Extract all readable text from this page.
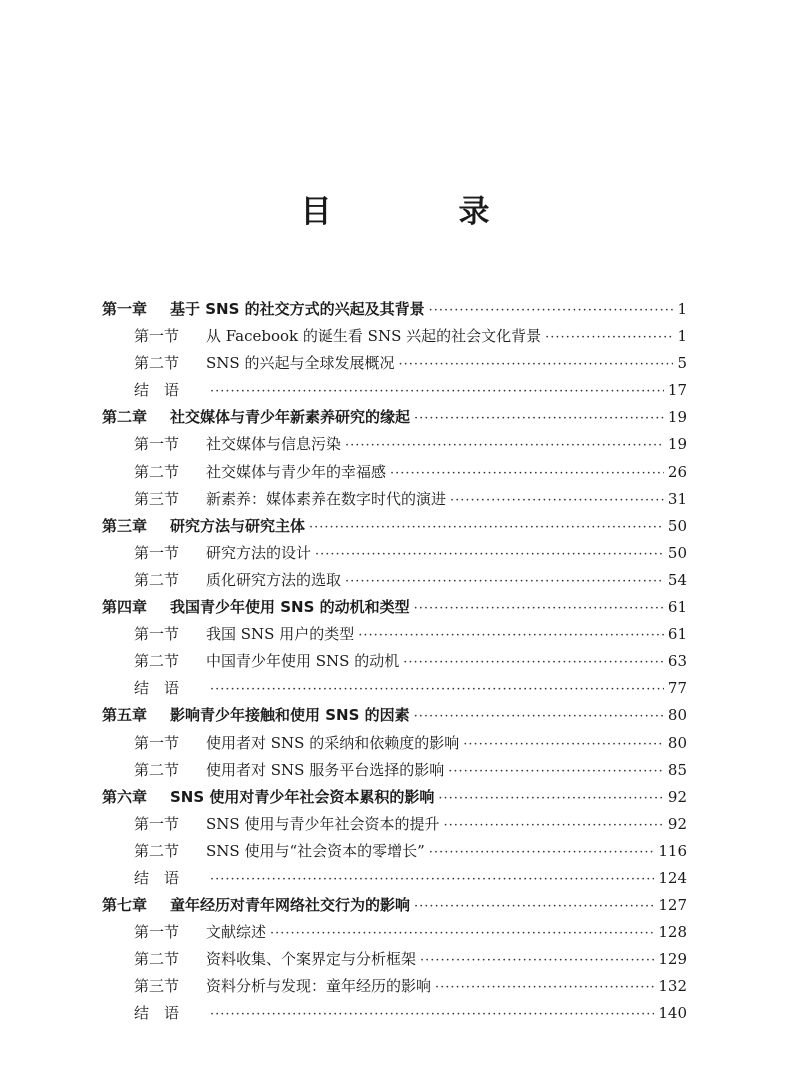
目　录
第一章	基于 SNS 的社交方式的兴起及其背景 ·····	1
第一节	从 Facebook 的诞生看 SNS 兴起的社会文化背景 ·····	1
第二节	SNS 的兴起与全球发展概况 ·····	5
结　语 ·····	17
第二章	社交媒体与青少年新素养研究的缘起 ·····	19
第一节	社交媒体与信息污染 ·····	19
第二节	社交媒体与青少年的幸福感 ·····	26
第三节	新素养：媒体素养在数字时代的演进 ·····	31
第三章	研究方法与研究主体 ·····	50
第一节	研究方法的设计 ·····	50
第二节	质化研究方法的选取 ·····	54
第四章	我国青少年使用 SNS 的动机和类型 ·····	61
第一节	我国 SNS 用户的类型 ·····	61
第二节	中国青少年使用 SNS 的动机 ·····	63
结　语 ·····	77
第五章	影响青少年接触和使用 SNS 的因素 ·····	80
第一节	使用者对 SNS 的采纳和依赖度的影响 ·····	80
第二节	使用者对 SNS 服务平台选择的影响 ·····	85
第六章	SNS 使用对青少年社会资本累积的影响 ·····	92
第一节	SNS 使用与青少年社会资本的提升 ·····	92
第二节	SNS 使用与“社会资本的零增长” ·····	116
结　语 ·····	124
第七章	童年经历对青年网络社交行为的影响 ·····	127
第一节	文献综述 ·····	128
第二节	资料收集、个案界定与分析框架 ·····	129
第三节	资料分析与发现：童年经历的影响 ·····	132
结　语 ·····	140
